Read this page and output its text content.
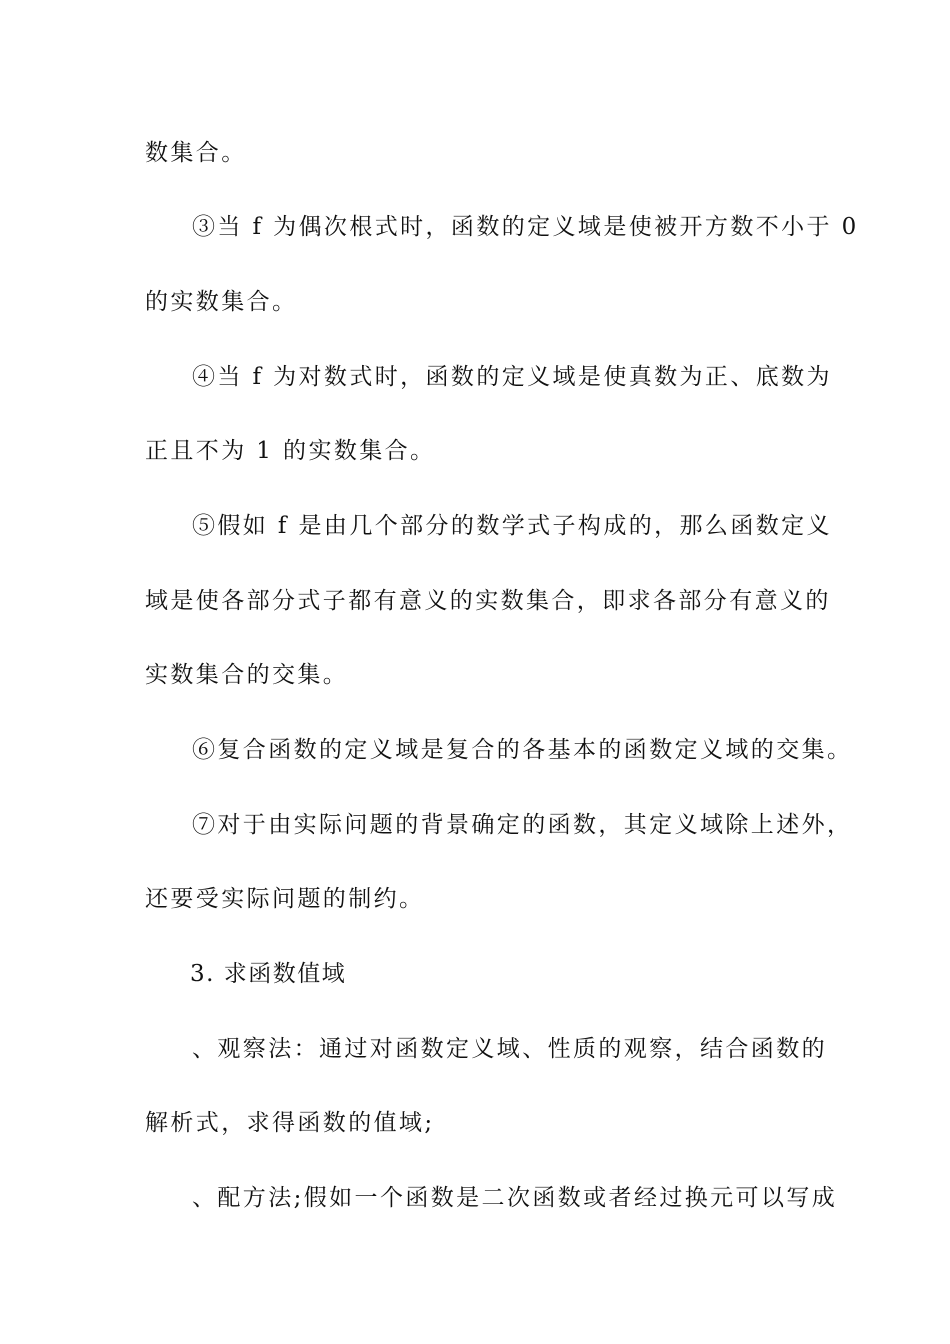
数集合。
③当 f 为偶次根式时，函数的定义域是使被开方数不小于 0
的实数集合。
④当 f 为对数式时，函数的定义域是使真数为正、底数为
正且不为 1 的实数集合。
⑤假如 f 是由几个部分的数学式子构成的，那么函数定义
域是使各部分式子都有意义的实数集合，即求各部分有意义的
实数集合的交集。
⑥复合函数的定义域是复合的各基本的函数定义域的交集。
⑦对于由实际问题的背景确定的函数，其定义域除上述外，
还要受实际问题的制约。
3. 求函数值域
、观察法：通过对函数定义域、性质的观察，结合函数的
解析式，求得函数的值域;
、配方法;假如一个函数是二次函数或者经过换元可以写成
